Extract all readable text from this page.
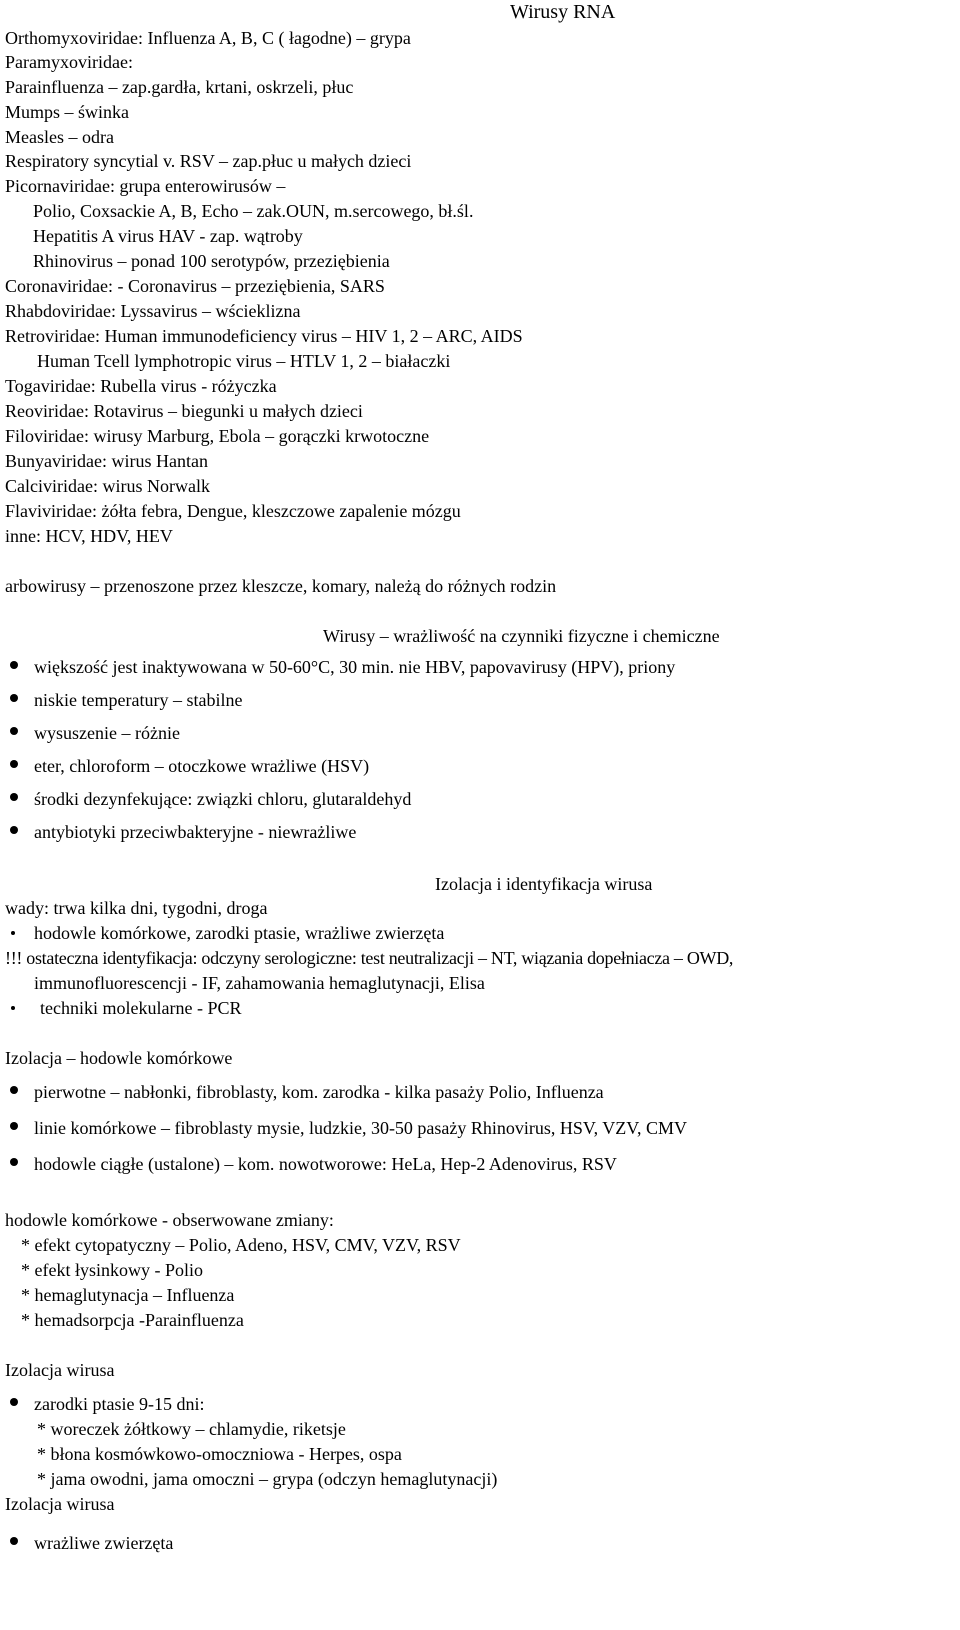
Wirusy RNA
Orthomyxoviridae: Influenza A, B, C ( łagodne) – grypa
Paramyxoviridae:
Parainfluenza – zap.gardła, krtani, oskrzeli, płuc
Mumps – świnka
Measles – odra
Respiratory syncytial v. RSV – zap.płuc u małych dzieci
Picornaviridae: grupa enterowirusów –
Polio, Coxsackie A, B, Echo – zak.OUN, m.sercowego, bł.śl.
Hepatitis A virus HAV - zap. wątroby
Rhinovirus – ponad 100 serotypów, przeziębienia
Coronaviridae: - Coronavirus – przeziębienia, SARS
Rhabdoviridae: Lyssavirus – wścieklizna
Retroviridae: Human immunodeficiency virus – HIV 1, 2 – ARC, AIDS
Human Tcell lymphotropic virus – HTLV 1, 2 – białaczki
Togaviridae: Rubella virus - różyczka
Reoviridae: Rotavirus – biegunki u małych dzieci
Filoviridae: wirusy Marburg, Ebola – gorączki krwotoczne
Bunyaviridae: wirus Hantan
Calciviridae: wirus Norwalk
Flaviviridae: żółta febra, Dengue, kleszczowe zapalenie mózgu
inne: HCV, HDV, HEV
arbowirusy – przenoszone przez kleszcze, komary, należą do różnych rodzin
Wirusy – wrażliwość na czynniki fizyczne i chemiczne
większość jest inaktywowana w 50-60°C, 30 min. nie HBV, papovavirusy (HPV), priony
niskie temperatury – stabilne
wysuszenie – różnie
eter, chloroform – otoczkowe wrażliwe (HSV)
środki dezynfekujące: związki chloru, glutaraldehyd
antybiotyki przeciwbakteryjne - niewrażliwe
Izolacja i identyfikacja wirusa
wady: trwa kilka dni, tygodni, droga
hodowle komórkowe, zarodki ptasie, wrażliwe zwierzęta
!!! ostateczna identyfikacja: odczyny serologiczne: test neutralizacji – NT, wiązania dopełniacza – OWD,
immunofluorescencji - IF, zahamowania hemaglutynacji, Elisa
techniki molekularne - PCR
Izolacja – hodowle komórkowe
pierwotne – nabłonki, fibroblasty, kom. zarodka - kilka pasaży Polio, Influenza
linie komórkowe – fibroblasty mysie, ludzkie, 30-50 pasaży Rhinovirus, HSV, VZV, CMV
hodowle ciągłe (ustalone) – kom. nowotworowe: HeLa, Hep-2 Adenovirus, RSV
hodowle komórkowe - obserwowane zmiany:
* efekt cytopatyczny – Polio, Adeno, HSV, CMV, VZV, RSV
* efekt łysinkowy - Polio
* hemaglutynacja – Influenza
* hemadsorpcja -Parainfluenza
Izolacja wirusa
zarodki ptasie 9-15 dni:
* woreczek żółtkowy – chlamydie, riketsje
* błona kosmówkowo-omoczniowa - Herpes, ospa
* jama owodni, jama omoczni – grypa (odczyn hemaglutynacji)
Izolacja wirusa
wrażliwe zwierzęta
